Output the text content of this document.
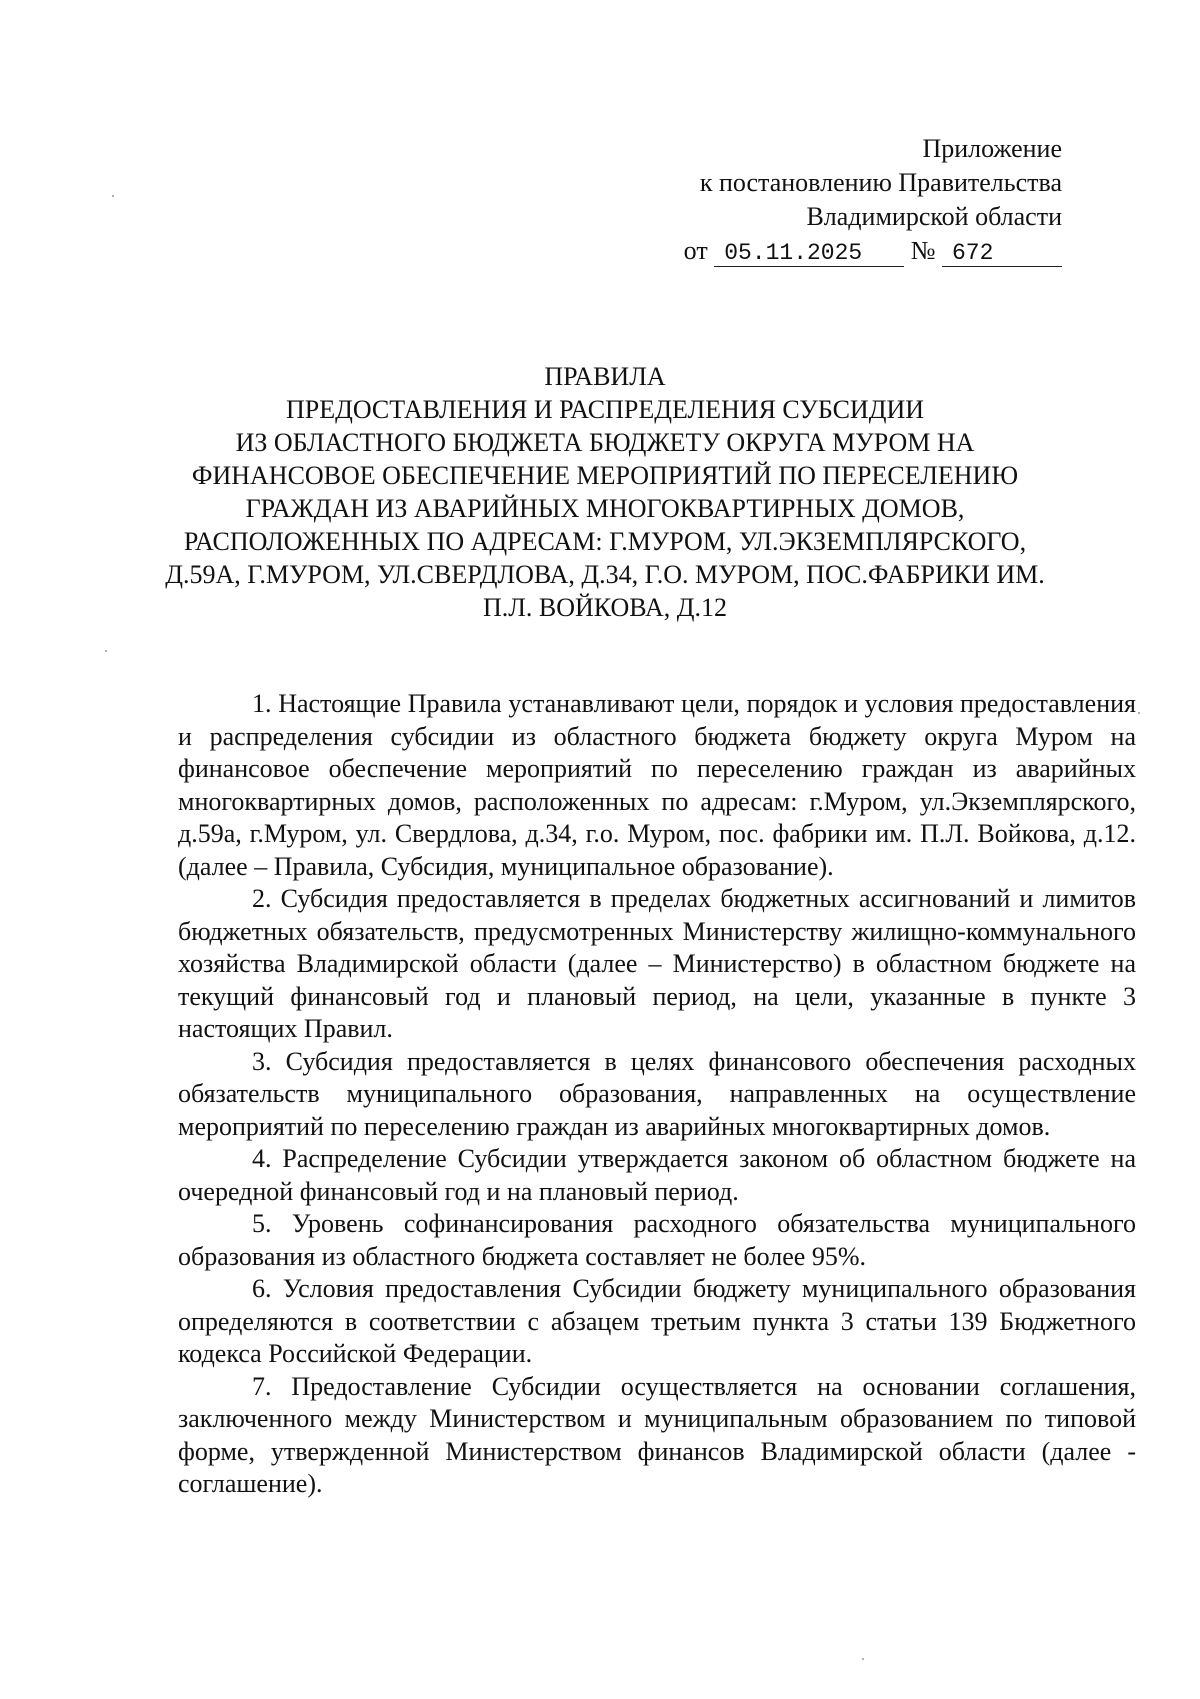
Приложение
к постановлению Правительства
Владимирской области
от 05.11.2025 № 672
ПРАВИЛА
ПРЕДОСТАВЛЕНИЯ И РАСПРЕДЕЛЕНИЯ СУБСИДИИ
ИЗ ОБЛАСТНОГО БЮДЖЕТА БЮДЖЕТУ ОКРУГА МУРОМ НА
ФИНАНСОВОЕ ОБЕСПЕЧЕНИЕ МЕРОПРИЯТИЙ ПО ПЕРЕСЕЛЕНИЮ
ГРАЖДАН ИЗ АВАРИЙНЫХ МНОГОКВАРТИРНЫХ ДОМОВ,
РАСПОЛОЖЕННЫХ ПО АДРЕСАМ: Г.МУРОМ, УЛ.ЭКЗЕМПЛЯРСКОГО,
Д.59А, Г.МУРОМ, УЛ.СВЕРДЛОВА, Д.34, Г.О. МУРОМ, ПОС.ФАБРИКИ ИМ.
П.Л. ВОЙКОВА, Д.12

1. Настоящие Правила устанавливают цели, порядок и условия предоставления и распределения субсидии из областного бюджета бюджету округа Муром на финансовое обеспечение мероприятий по переселению граждан из аварийных многоквартирных домов, расположенных по адресам: г.Муром, ул.Экземплярского, д.59а, г.Муром, ул. Свердлова, д.34, г.о. Муром, пос. фабрики им. П.Л. Войкова, д.12. (далее – Правила, Субсидия, муниципальное образование).

2. Субсидия предоставляется в пределах бюджетных ассигнований и лимитов бюджетных обязательств, предусмотренных Министерству жилищно-коммунального хозяйства Владимирской области (далее – Министерство) в областном бюджете на текущий финансовый год и плановый период, на цели, указанные в пункте 3 настоящих Правил.

3. Субсидия предоставляется в целях финансового обеспечения расходных обязательств муниципального образования, направленных на осуществление мероприятий по переселению граждан из аварийных многоквартирных домов.

4. Распределение Субсидии утверждается законом об областном бюджете на очередной финансовый год и на плановый период.

5. Уровень софинансирования расходного обязательства муниципального образования из областного бюджета составляет не более 95%.

6. Условия предоставления Субсидии бюджету муниципального образования определяются в соответствии с абзацем третьим пункта 3 статьи 139 Бюджетного кодекса Российской Федерации.

7. Предоставление Субсидии осуществляется на основании соглашения, заключенного между Министерством и муниципальным образованием по типовой форме, утвержденной Министерством финансов Владимирской области (далее - соглашение).
